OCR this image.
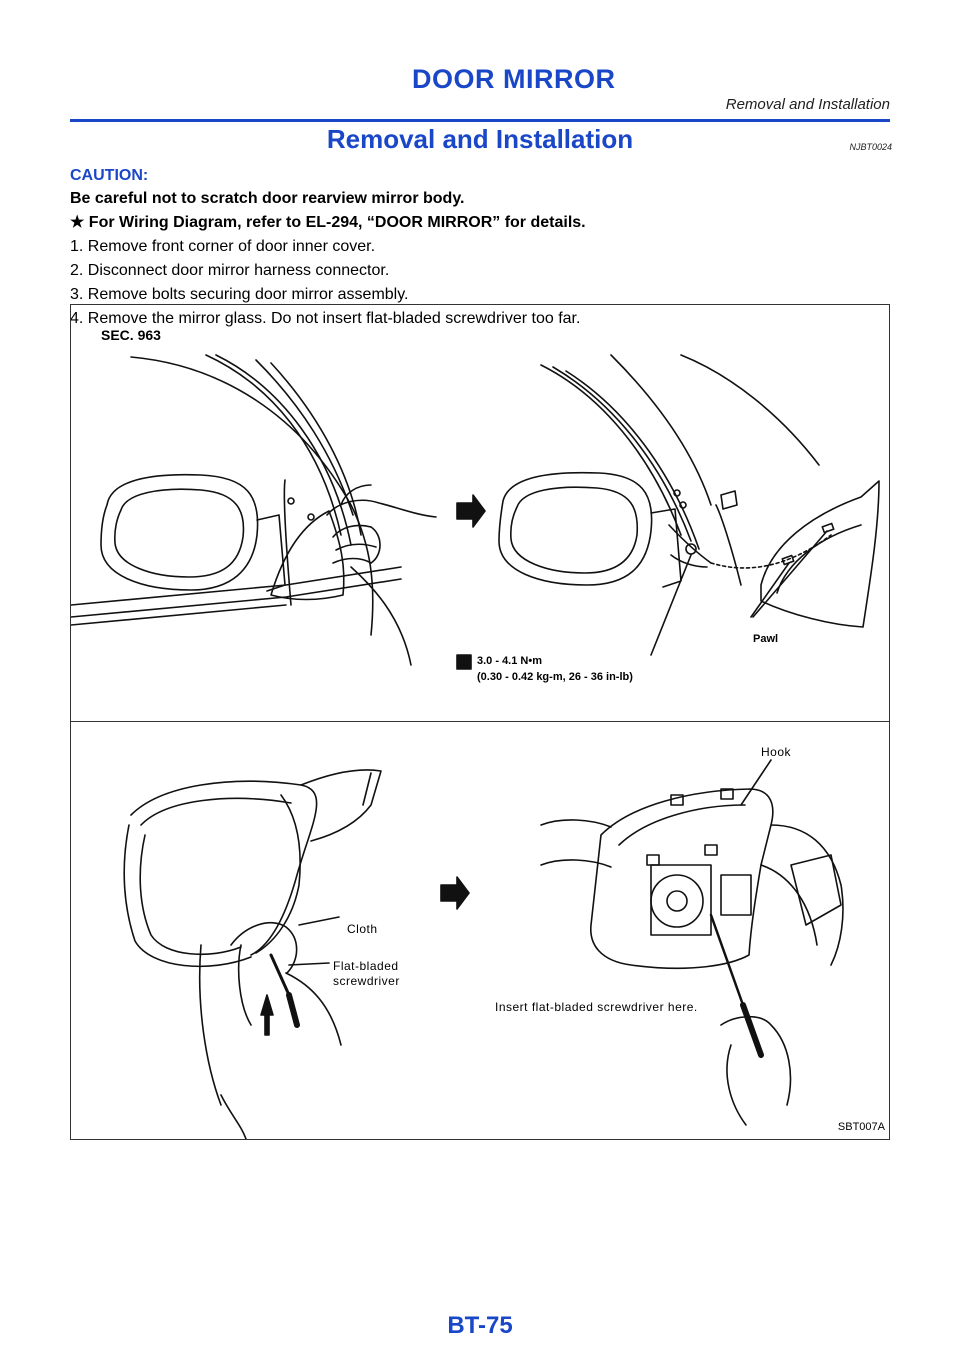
DOOR MIRROR
Removal and Installation
Removal and Installation	NJBT0024
CAUTION:
Be careful not to scratch door rearview mirror body.
★ For Wiring Diagram, refer to EL-294, “DOOR MIRROR” for details.
1. Remove front corner of door inner cover.
2. Disconnect door mirror harness connector.
3. Remove bolts securing door mirror assembly.
4. Remove the mirror glass. Do not insert flat-bladed screwdriver too far.
SEC. 963
Pawl
3.0 - 4.1 N•m
(0.30 - 0.42 kg-m, 26 - 36 in-lb)
Hook
Cloth
Flat-bladed
screwdriver
Insert flat-bladed screwdriver here.
SBT007A
BT-75
